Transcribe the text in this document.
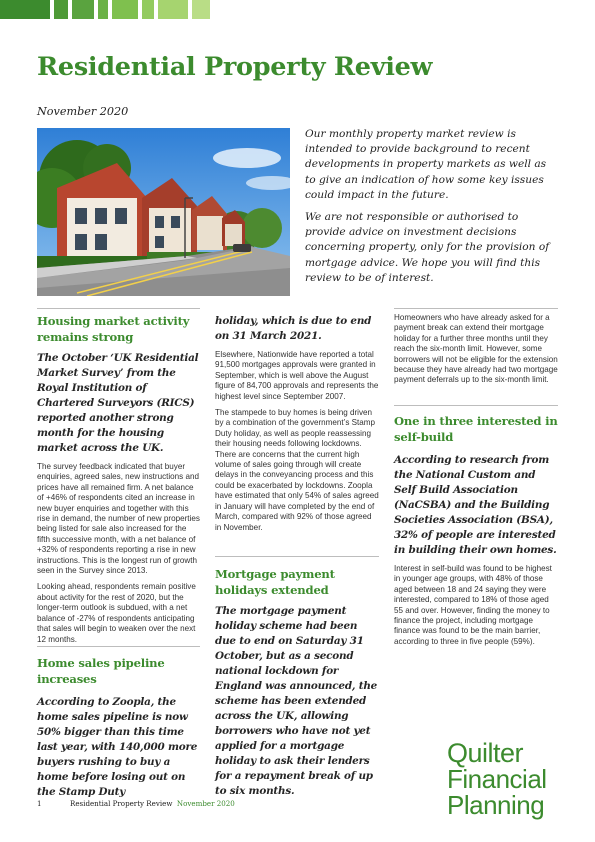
Residential Property Review
November 2020

Our monthly property market review is intended to provide background to recent developments in property markets as well as to give an indication of how some key issues could impact in the future.

We are not responsible or authorised to provide advice on investment decisions concerning property, only for the provision of mortgage advice. We hope you will find this review to be of interest.

Housing market activity remains strong

The October ‘UK Residential Market Survey’ from the Royal Institution of Chartered Surveyors (RICS) reported another strong month for the housing market across the UK.

The survey feedback indicated that buyer enquiries, agreed sales, new instructions and prices have all remained firm. A net balance of +46% of respondents cited an increase in new buyer enquiries and together with this rise in demand, the number of new properties being listed for sale also increased for the fifth successive month, with a net balance of +32% of respondents reporting a rise in new instructions. This is the longest run of growth seen in the Survey since 2013.

Looking ahead, respondents remain positive about activity for the rest of 2020, but the longer-term outlook is subdued, with a net balance of -27% of respondents anticipating that sales will begin to weaken over the next 12 months.

Home sales pipeline increases

According to Zoopla, the home sales pipeline is now 50% bigger than this time last year, with 140,000 more buyers rushing to buy a home before losing out on the Stamp Duty

holiday, which is due to end on 31 March 2021.

Elsewhere, Nationwide have reported a total 91,500 mortgages approvals were granted in September, which is well above the August figure of 84,700 approvals and represents the highest level since September 2007.

The stampede to buy homes is being driven by a combination of the government’s Stamp Duty holiday, as well as people reassessing their housing needs following lockdowns. There are concerns that the current high volume of sales going through will create delays in the conveyancing process and this could be exacerbated by lockdowns. Zoopla have estimated that only 54% of sales agreed in January will have completed by the end of March, compared with 92% of those agreed in November.

Mortgage payment holidays extended

The mortgage payment holiday scheme had been due to end on Saturday 31 October, but as a second national lockdown for England was announced, the scheme has been extended across the UK, allowing borrowers who have not yet applied for a mortgage holiday to ask their lenders for a repayment break of up to six months.

Homeowners who have already asked for a payment break can extend their mortgage holiday for a further three months until they reach the six-month limit. However, some borrowers will not be eligible for the extension because they have already had two mortgage payment deferrals up to the six-month limit.

One in three interested in self-build

According to research from the National Custom and Self Build Association (NaCSBA) and the Building Societies Association (BSA), 32% of people are interested in building their own homes.

Interest in self-build was found to be highest in younger age groups, with 48% of those aged between 18 and 24 saying they were interested, compared to 18% of those aged 55 and over. However, finding the money to finance the project, including mortgage finance was found to be the main barrier, according to three in five people (59%).

1	Residential Property Review November 2020
Quilter
Financial
Planning
